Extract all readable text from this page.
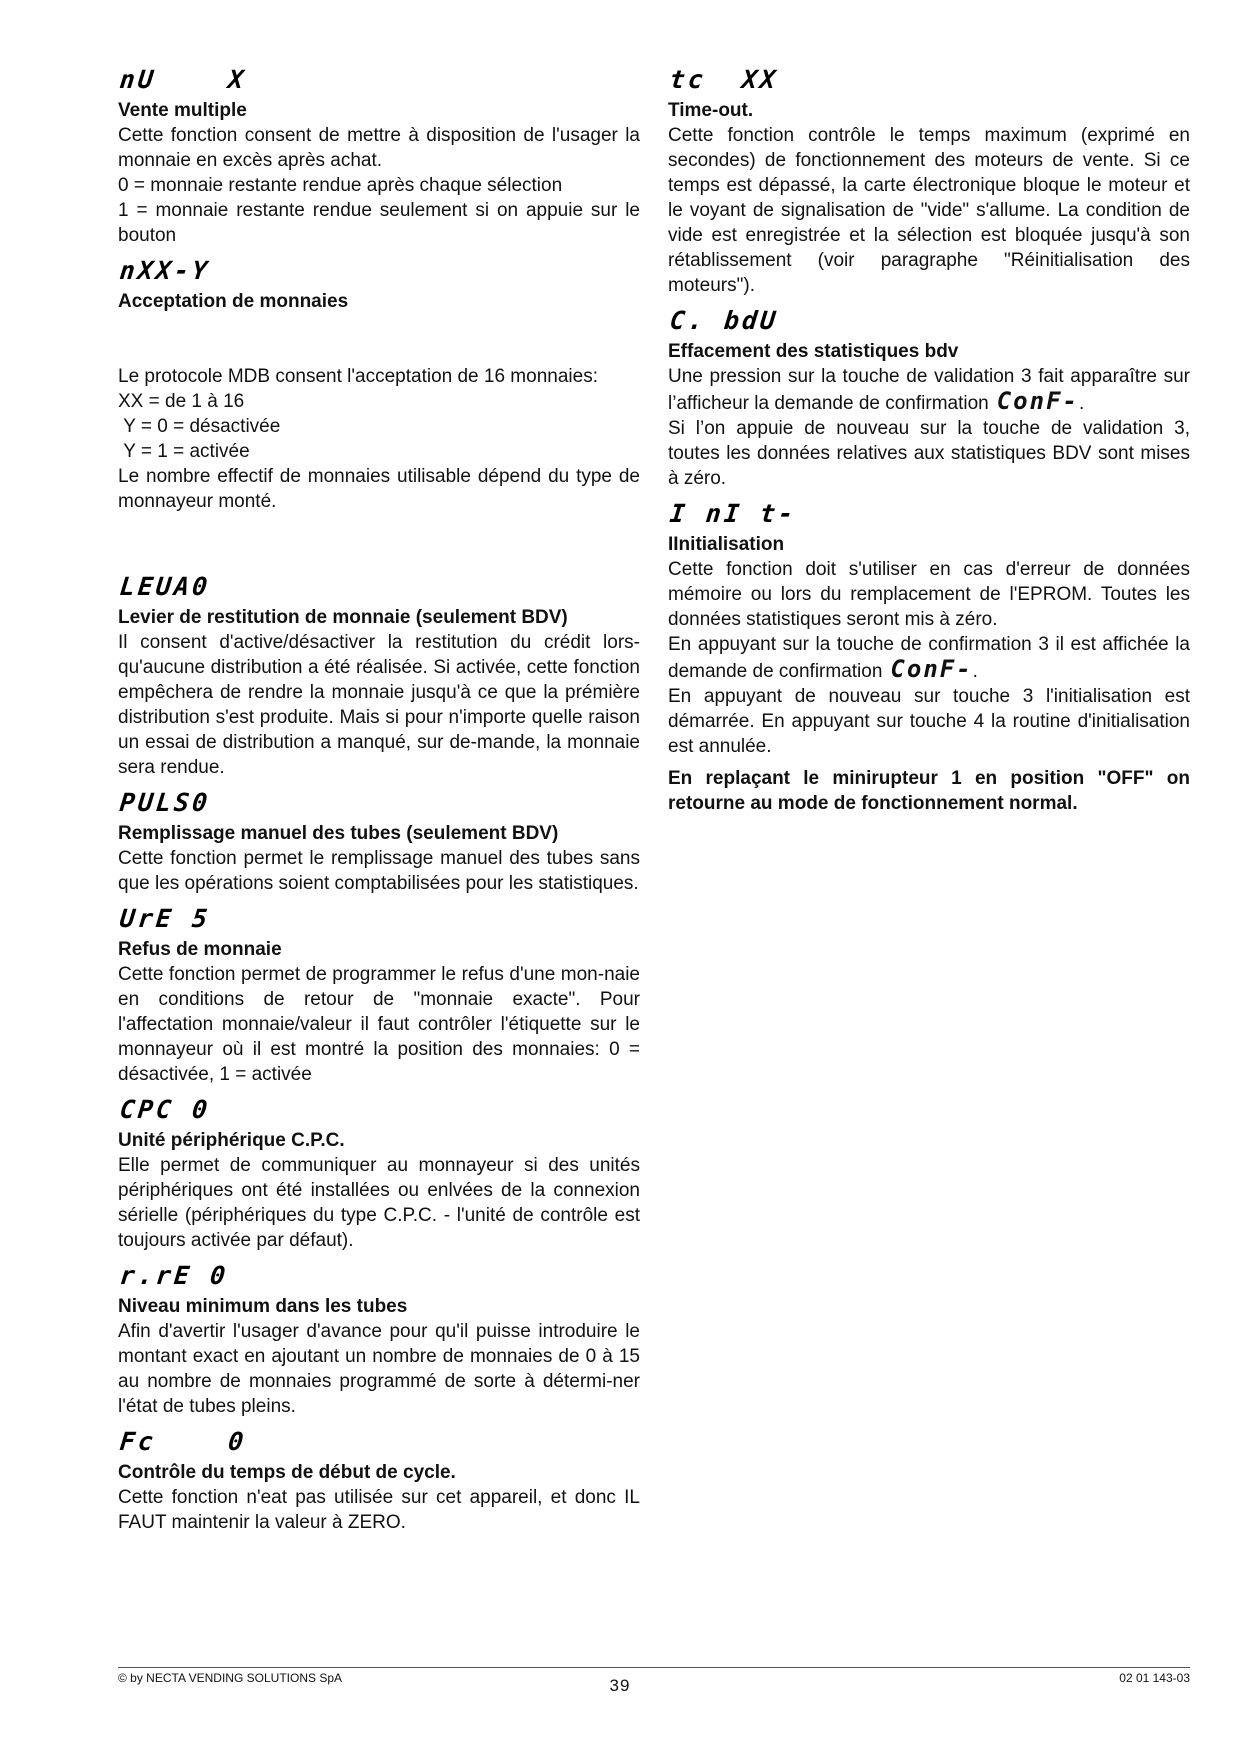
nU    X
Vente multiple
Cette fonction consent de mettre à disposition de l'usager la monnaie en excès après achat.
0 = monnaie restante rendue après chaque sélection
1 = monnaie restante rendue seulement si on appuie sur le bouton
nXX-Y
Acceptation de monnaies

Le protocole MDB consent l'acceptation de 16 monnaies:
XX = de 1 à 16
Y = 0 = désactivée
Y = 1 = activée
Le nombre effectif de monnaies utilisable dépend du type de monnayeur monté.

LEUA0
Levier de restitution de monnaie (seulement BDV)
Il consent d'active/désactiver la restitution du crédit lors-qu'aucune distribution a été réalisée. Si activée, cette fonction empêchera de rendre la monnaie jusqu'à ce que la prémière distribution s'est produite. Mais si pour n'importe quelle raison un essai de distribution a manqué, sur de-mande, la monnaie sera rendue.
PULS0
Remplissage manuel des tubes (seulement BDV)
Cette fonction permet le remplissage manuel des tubes sans que les opérations soient comptabilisées pour les statistiques.
UrE 5
Refus de monnaie
Cette fonction permet de programmer le refus d'une mon-naie en conditions de retour de "monnaie exacte". Pour l'affectation monnaie/valeur il faut contrôler l'étiquette sur le monnayeur où il est montré la position des monnaies: 0 = désactivée, 1 = activée
CPC 0
Unité périphérique C.P.C.
Elle permet de communiquer au monnayeur si des unités périphériques ont été installées ou enlvées de la connexion sérielle (périphériques du type C.P.C. - l'unité de contrôle est toujours activée par défaut).
r.rE 0
Niveau minimum dans les tubes
Afin d'avertir l'usager d'avance pour qu'il puisse introduire le montant exact en ajoutant un nombre de monnaies de 0 à 15 au nombre de monnaies programmé de sorte à détermi-ner l'état de tubes pleins.
Fc    0
Contrôle du temps de début de cycle.
Cette fonction n'eat pas utilisée sur cet appareil, et donc IL FAUT maintenir la valeur à ZERO.
tc  XX
Time-out.
Cette fonction contrôle le temps maximum (exprimé en secondes) de fonctionnement des moteurs de vente. Si ce temps est dépassé, la carte électronique bloque le moteur et le voyant de signalisation de "vide" s'allume. La condition de vide est enregistrée et la sélection est bloquée jusqu'à son rétablissement (voir paragraphe "Réinitialisation des moteurs").
C. bdU
Effacement des statistiques bdv
Une pression sur la touche de validation 3 fait apparaître sur l’afficheur la demande de confirmation ConF-.
Si l’on appuie de nouveau sur la touche de validation 3, toutes les données relatives aux statistiques BDV sont mises à zéro.
I nI t-
IInitialisation
Cette fonction doit s'utiliser en cas d'erreur de données mémoire ou lors du remplacement de l'EPROM. Toutes les données statistiques seront mis à zéro.
En appuyant sur la touche de confirmation 3 il est affichée la demande de confirmation ConF-.
En appuyant de nouveau sur touche 3 l'initialisation est démarrée. En appuyant sur touche 4 la routine d'initialisation est annulée.
En replaçant le minirupteur 1 en position "OFF" on retourne au mode de fonctionnement normal.
© by NECTA VENDING SOLUTIONS SpA	39	02 01 143-03
